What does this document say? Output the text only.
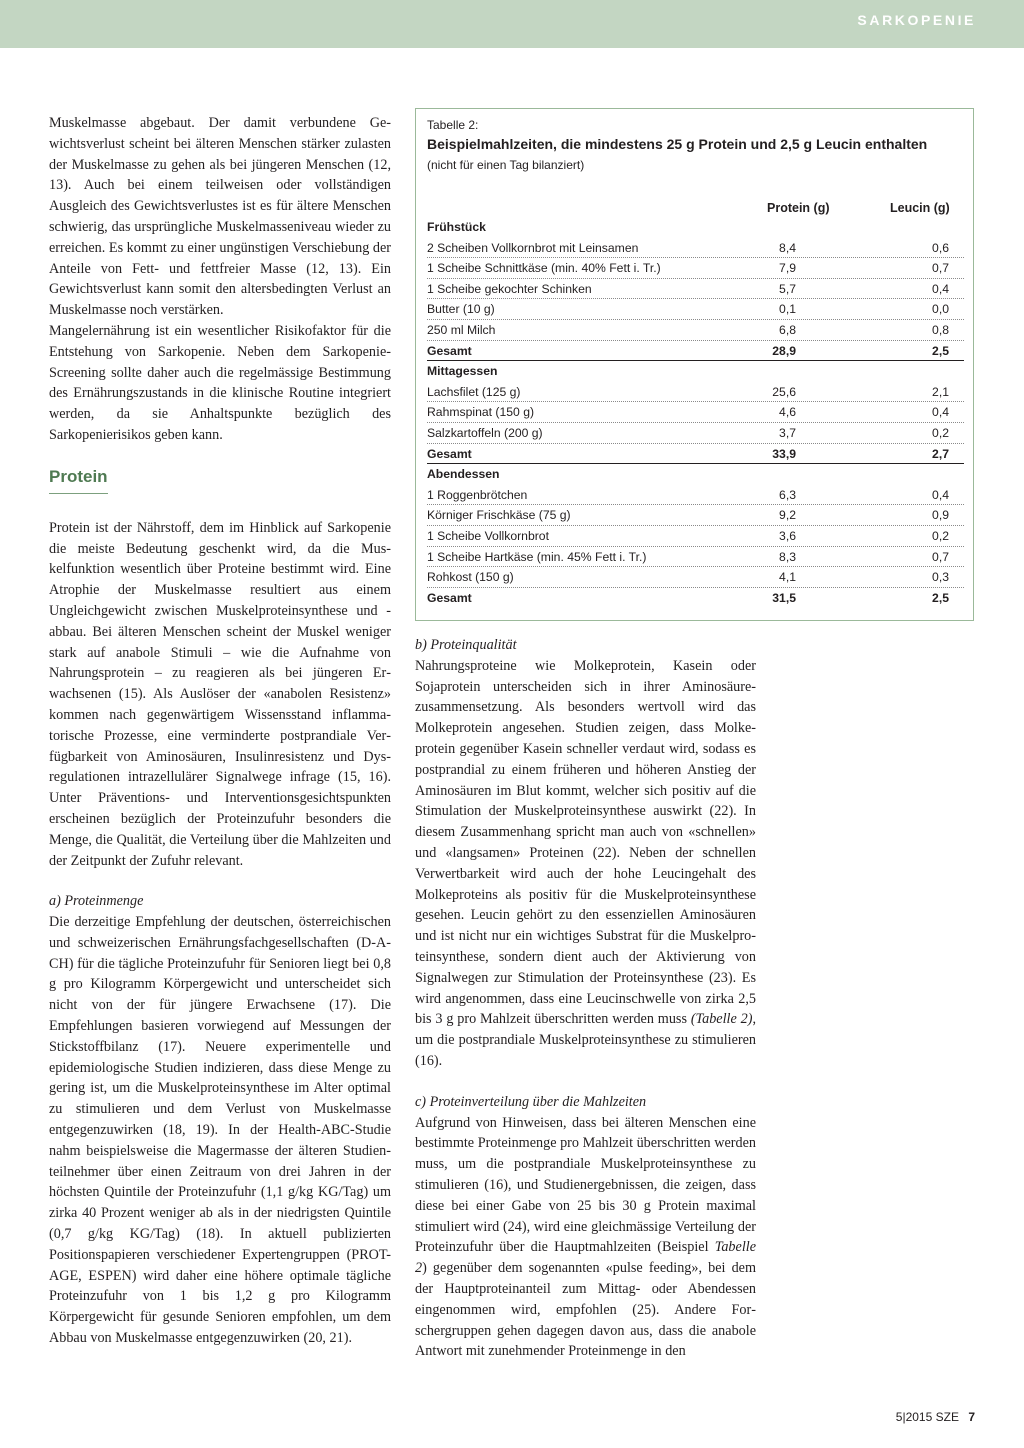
SARKOPENIE

Muskelmasse abgebaut. Der damit verbundene Gewichtsverlust scheint bei älteren Menschen stärker zulasten der Muskelmasse zu gehen als bei jüngeren Menschen (12, 13). Auch bei einem teilweisen oder vollständigen Ausgleich des Gewichtsverlustes ist es für ältere Menschen schwierig, das ursprüngliche Muskelmasseniveau wieder zu erreichen. Es kommt zu einer ungünstigen Verschiebung der Anteile von Fett- und fettfreier Masse (12, 13). Ein Gewichtsverlust kann somit den altersbedingten Verlust an Muskelmasse noch verstärken.

Mangelernährung ist ein wesentlicher Risikofaktor für die Entstehung von Sarkopenie. Neben dem Sarkopenie-Screening sollte daher auch die regelmässige Bestimmung des Ernährungszustands in die klinische Routine integriert werden, da sie Anhaltspunkte bezüglich des Sarkopenierisikos geben kann.

Protein

Protein ist der Nährstoff, dem im Hinblick auf Sarkopenie die meiste Bedeutung geschenkt wird, da die Muskelfunktion wesentlich über Proteine bestimmt wird. Eine Atrophie der Muskelmasse resultiert aus einem Ungleichgewicht zwischen Muskelproteinsynthese und -abbau. Bei älteren Menschen scheint der Muskel weniger stark auf anabole Stimuli – wie die Aufnahme von Nahrungsprotein – zu reagieren als bei jüngeren Erwachsenen (15). Als Auslöser der «anabolen Resistenz» kommen nach gegenwärtigem Wissensstand inflammatorische Prozesse, eine verminderte postprandiale Verfügbarkeit von Aminosäuren, Insulinresistenz und Dysregulationen intrazellulärer Signalwege infrage (15, 16). Unter Präventions- und Interventionsgesichtspunkten erscheinen bezüglich der Proteinzufuhr besonders die Menge, die Qualität, die Verteilung über die Mahlzeiten und der Zeitpunkt der Zufuhr relevant.

a) Proteinmenge

Die derzeitige Empfehlung der deutschen, österreichischen und schweizerischen Ernährungsfachgesellschaften (D-A-CH) für die tägliche Proteinzufuhr für Senioren liegt bei 0,8 g pro Kilogramm Körpergewicht und unterscheidet sich nicht von der für jüngere Erwachsene (17). Die Empfehlungen basieren vorwiegend auf Messungen der Stickstoffbilanz (17). Neuere experimentelle und epidemiologische Studien indizieren, dass diese Menge zu gering ist, um die Muskelproteinsynthese im Alter optimal zu stimulieren und dem Verlust von Muskelmasse entgegenzuwirken (18, 19). In der Health-ABC-Studie nahm beispielsweise die Magermasse der älteren Studienteilnehmer über einen Zeitraum von drei Jahren in der höchsten Quintile der Proteinzufuhr (1,1 g/kg KG/Tag) um zirka 40 Prozent weniger ab als in der niedrigsten Quintile (0,7 g/kg KG/Tag) (18). In aktuell publizierten Positionspapieren verschiedener Expertengruppen (PROT-AGE, ESPEN) wird daher eine höhere optimale tägliche Proteinzufuhr von 1 bis 1,2 g pro Kilogramm Körpergewicht für gesunde Senioren empfohlen, um dem Abbau von Muskelmasse entgegenzuwirken (20, 21).

Tabelle 2:
Beispielmahlzeiten, die mindestens 25 g Protein und 2,5 g Leucin enthalten
(nicht für einen Tag bilanziert)
Protein (g)	Leucin (g)
Frühstück
2 Scheiben Vollkornbrot mit Leinsamen	8,4	0,6
1 Scheibe Schnittkäse (min. 40% Fett i. Tr.)	7,9	0,7
1 Scheibe gekochter Schinken	5,7	0,4
Butter (10 g)	0,1	0,0
250 ml Milch	6,8	0,8
Gesamt	28,9	2,5
Mittagessen
Lachsfilet (125 g)	25,6	2,1
Rahmspinat (150 g)	4,6	0,4
Salzkartoffeln (200 g)	3,7	0,2
Gesamt	33,9	2,7
Abendessen
1 Roggenbrötchen	6,3	0,4
Körniger Frischkäse (75 g)	9,2	0,9
1 Scheibe Vollkornbrot	3,6	0,2
1 Scheibe Hartkäse (min. 45% Fett i. Tr.)	8,3	0,7
Rohkost (150 g)	4,1	0,3
Gesamt	31,5	2,5

b) Proteinqualität

Nahrungsproteine wie Molkeprotein, Kasein oder Sojaprotein unterscheiden sich in ihrer Aminosäurezusammensetzung. Als besonders wertvoll wird das Molkeprotein angesehen. Studien zeigen, dass Molkeprotein gegenüber Kasein schneller verdaut wird, sodass es postprandial zu einem früheren und höheren Anstieg der Aminosäuren im Blut kommt, welcher sich positiv auf die Stimulation der Muskelproteinsynthese auswirkt (22). In diesem Zusammenhang spricht man auch von «schnellen» und «langsamen» Proteinen (22). Neben der schnellen Verwertbarkeit wird auch der hohe Leucingehalt des Molkeproteins als positiv für die Muskelproteinsynthese gesehen. Leucin gehört zu den essenziellen Aminosäuren und ist nicht nur ein wichtiges Substrat für die Muskelproteinsynthese, sondern dient auch der Aktivierung von Signalwegen zur Stimulation der Proteinsynthese (23). Es wird angenommen, dass eine Leucinschwelle von zirka 2,5 bis 3 g pro Mahlzeit überschritten werden muss (Tabelle 2), um die postprandiale Muskelproteinsynthese zu stimulieren (16).

c) Proteinverteilung über die Mahlzeiten

Aufgrund von Hinweisen, dass bei älteren Menschen eine bestimmte Proteinmenge pro Mahlzeit überschritten werden muss, um die postprandiale Muskelproteinsynthese zu stimulieren (16), und Studienergebnissen, die zeigen, dass diese bei einer Gabe von 25 bis 30 g Protein maximal stimuliert wird (24), wird eine gleichmässige Verteilung der Proteinzufuhr über die Hauptmahlzeiten (Beispiel Tabelle 2) gegenüber dem sogenannten «pulse feeding», bei dem der Hauptproteinanteil zum Mittag- oder Abendessen eingenommen wird, empfohlen (25). Andere Forschergruppen gehen dagegen davon aus, dass die anabole Antwort mit zunehmender Proteinmenge in den

5|2015 SZE 7
